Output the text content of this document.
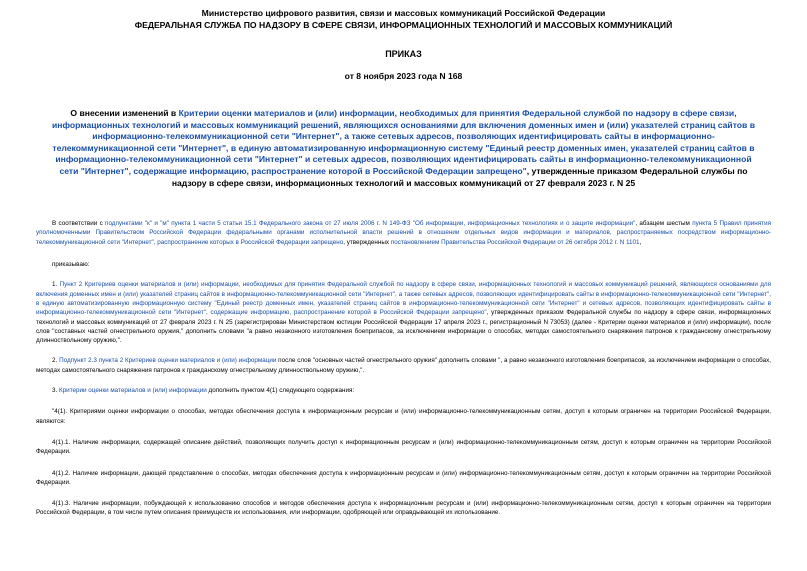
Министерство цифрового развития, связи и массовых коммуникаций Российской Федерации
ФЕДЕРАЛЬНАЯ СЛУЖБА ПО НАДЗОРУ В СФЕРЕ СВЯЗИ, ИНФОРМАЦИОННЫХ ТЕХНОЛОГИЙ И МАССОВЫХ КОММУНИКАЦИЙ
ПРИКАЗ
от 8 ноября 2023 года N 168
О внесении изменений в Критерии оценки материалов и (или) информации, необходимых для принятия Федеральной службой по надзору в сфере связи, информационных технологий и массовых коммуникаций решений, являющихся основаниями для включения доменных имен и (или) указателей страниц сайтов в информационно-телекоммуникационной сети "Интернет", а также сетевых адресов, позволяющих идентифицировать сайты в информационно-телекоммуникационной сети "Интернет", в единую автоматизированную информационную систему "Единый реестр доменных имен, указателей страниц сайтов в информационно-телекоммуникационной сети "Интернет" и сетевых адресов, позволяющих идентифицировать сайты в информационно-телекоммуникационной сети "Интернет", содержащие информацию, распространение которой в Российской Федерации запрещено", утвержденные приказом Федеральной службы по надзору в сфере связи, информационных технологий и массовых коммуникаций от 27 февраля 2023 г. N 25

В соответствии с подпунктами "к" и "м" пункта 1 части 5 статьи 15.1 Федерального закона от 27 июля 2006 г. N 149-ФЗ "Об информации, информационных технологиях и о защите информации", абзацем шестым пункта 5 Правил принятия уполномоченными Правительством Российской Федерации федеральными органами исполнительной власти решений в отношении отдельных видов информации и материалов, распространяемых посредством информационно-телекоммуникационной сети "Интернет", распространение которых в Российской Федерации запрещено, утвержденных постановлением Правительства Российской Федерации от 26 октября 2012 г. N 1101,

приказываю:

1. Пункт 2 Критериев оценки материалов и (или) информации, необходимых для принятия Федеральной службой по надзору в сфере связи, информационных технологий и массовых коммуникаций решений, являющихся основаниями для включения доменных имен и (или) указателей страниц сайтов в информационно-телекоммуникационной сети "Интернет", а также сетевых адресов, позволяющих идентифицировать сайты в информационно-телекоммуникационной сети "Интернет", в единую автоматизированную информационную систему "Единый реестр доменных имен, указателей страниц сайтов в информационно-телекоммуникационной сети "Интернет" и сетевых адресов, позволяющих идентифицировать сайты в информационно-телекоммуникационной сети "Интернет", содержащие информацию, распространение которой в Российской Федерации запрещено", утвержденных приказом Федеральной службы по надзору в сфере связи, информационных технологий и массовых коммуникаций от 27 февраля 2023 г. N 25 (зарегистрирован Министерством юстиции Российской Федерации 17 апреля 2023 г., регистрационный N 73053) (далее - Критерии оценки материалов и (или) информации), после слов "составных частей огнестрельного оружия," дополнить словами "а равно незаконного изготовления боеприпасов, за исключением информации о способах, методах самостоятельного снаряжения патронов к гражданскому огнестрельному длинноствольному оружию,".

2. Подпункт 2.3 пункта 2 Критериев оценки материалов и (или) информации после слов "основных частей огнестрельного оружия" дополнить словами ", а равно незаконного изготовления боеприпасов, за исключением информации о способах, методах самостоятельного снаряжения патронов к гражданскому огнестрельному длинноствольному оружию,".

3. Критерии оценки материалов и (или) информации дополнить пунктом 4(1) следующего содержания:

"4(1). Критериями оценки информации о способах, методах обеспечения доступа к информационным ресурсам и (или) информационно-телекоммуникационным сетям, доступ к которым ограничен на территории Российской Федерации, являются:

4(1).1. Наличие информации, содержащей описание действий, позволяющих получить доступ к информационным ресурсам и (или) информационно-телекоммуникационным сетям, доступ к которым ограничен на территории Российской Федерации.

4(1).2. Наличие информации, дающей представление о способах, методах обеспечения доступа к информационным ресурсам и (или) информационно-телекоммуникационным сетям, доступ к которым ограничен на территории Российской Федерации.

4(1).3. Наличие информации, побуждающей к использованию способов и методов обеспечения доступа к информационным ресурсам и (или) информационно-телекоммуникационным сетям, доступ к которым ограничен на территории Российской Федерации, в том числе путем описания преимуществ их использования, или информации, одобряющей или оправдывающей их использование.
